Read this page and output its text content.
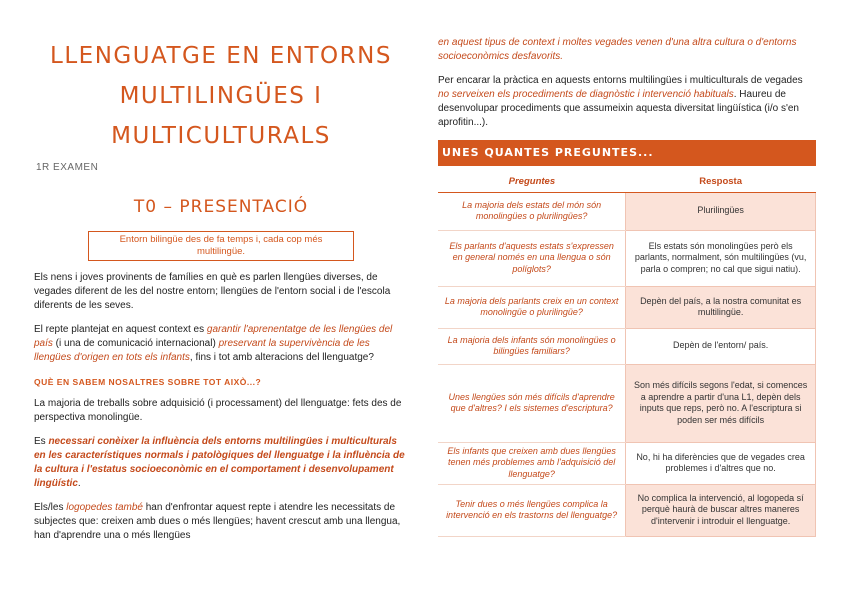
LLENGUATGE EN ENTORNS
MULTILINGÜES I MULTICULTURALS
1R EXAMEN
T0 – PRESENTACIÓ
Entorn bilingüe des de fa temps i, cada cop més multilingüe.

Els nens i joves provinents de famílies en què es parlen llengües diverses, de vegades diferent de les del nostre entorn; llengües de l'entorn social i de l'escola diferents de les seves.

El repte plantejat en aquest context es garantir l'aprenentatge de les llengües del país (i una de comunicació internacional) preservant la supervivència de les llengües d'origen en tots els infants, fins i tot amb alteracions del llenguatge?

QUÈ EN SABEM NOSALTRES SOBRE TOT AIXÒ...?

La majoria de treballs sobre adquisició (i processament) del llenguatge: fets des de perspectiva monolingüe.

Es necessari conèixer la influència dels entorns multilingües i multiculturals en les característiques normals i patològiques del llenguatge i la influència de la cultura i l'estatus socioeconòmic en el comportament i desenvolupament lingüístic.

Els/les logopedes també han d'enfrontar aquest repte i atendre les necessitats de subjectes que: creixen amb dues o més llengües; havent crescut amb una llengua, han d'aprendre una o més llengües

en aquest tipus de context i moltes vegades venen d'una altra cultura o d'entorns socioeconòmics desfavorits.

Per encarar la pràctica en aquests entorns multilingües i multiculturals de vegades no serveixen els procediments de diagnòstic i intervenció habituals. Haureu de desenvolupar procediments que assumeixin aquesta diversitat lingüística (i/o s'en aprofitin...).

UNES QUANTES PREGUNTES...
Preguntes	Resposta
La majoria dels estats del món són monolingües o plurilingües?	Plurilingües
Els parlants d'aquests estats s'expressen en general només en una llengua o són políglots?	Els estats són monolingües però els parlants, normalment, són multilingües (vu, parla o compren; no cal que sigui natiu).
La majoria dels parlants creix en un context monolingüe o plurilingüe?	Depèn del país, a la nostra comunitat es multilingüe.
La majoria dels infants són monolingües o bilingües familiars?	Depèn de l'entorn/ país.
Unes llengües són més difícils d'aprendre que d'altres? I els sistemes d'escriptura?	Son més difícils segons l'edat, si comences a aprendre a partir d'una L1, depèn dels inputs que reps, però no. A l'escriptura si poden ser més difícils
Els infants que creixen amb dues llengües tenen més problemes amb l'adquisició del llenguatge?	No, hi ha diferències que de vegades crea problemes i d'altres que no.
Tenir dues o més llengües complica la intervenció en els trastorns del llenguatge?	No complica la intervenció, al logopeda sí perquè haurà de buscar altres maneres d'intervenir i introduir el llenguatge.
